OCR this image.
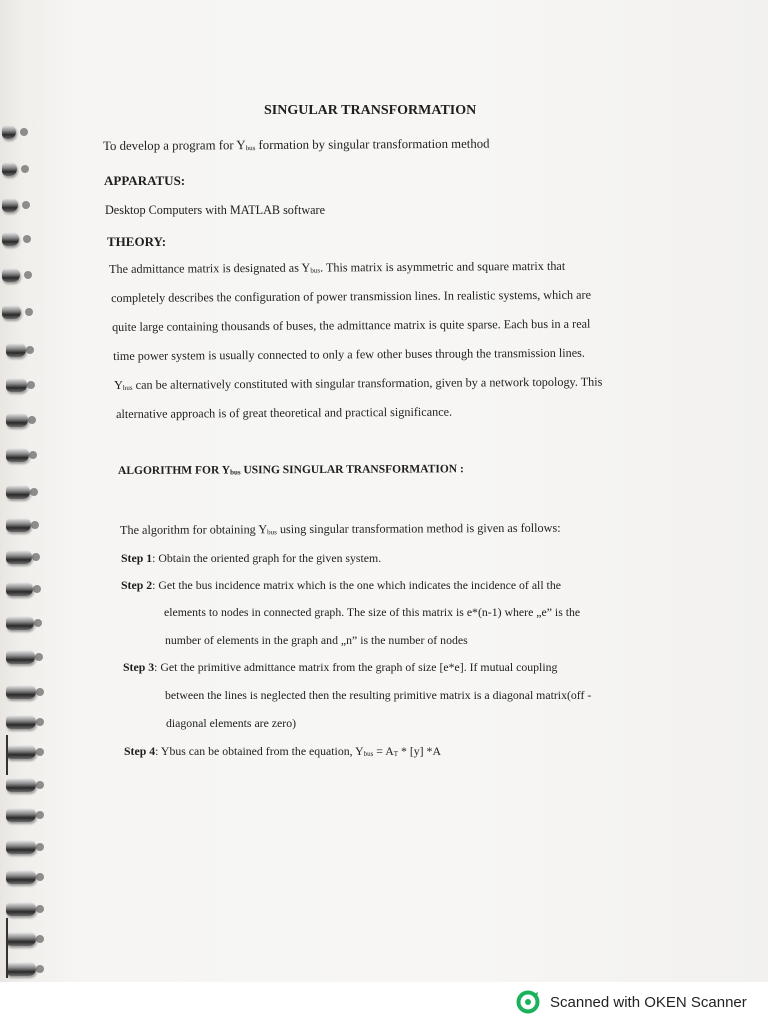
SINGULAR TRANSFORMATION
To develop a program for Ybus formation by singular transformation method
APPARATUS:
Desktop Computers with MATLAB software
THEORY:
The admittance matrix is designated as Ybus. This matrix is asymmetric and square matrix that
completely describes the configuration of power transmission lines. In realistic systems, which are
quite large containing thousands of buses, the admittance matrix is quite sparse. Each bus in a real
time power system is usually connected to only a few other buses through the transmission lines.
Ybus can be alternatively constituted with singular transformation, given by a network topology. This
alternative approach is of great theoretical and practical significance.
ALGORITHM FOR Ybus USING SINGULAR TRANSFORMATION :
The algorithm for obtaining Ybus using singular transformation method is given as follows:
Step 1: Obtain the oriented graph for the given system.
Step 2: Get the bus incidence matrix which is the one which indicates the incidence of all the
elements to nodes in connected graph. The size of this matrix is e*(n-1) where „e” is the
number of elements in the graph and „n” is the number of nodes
Step 3: Get the primitive admittance matrix from the graph of size [e*e]. If mutual coupling
between the lines is neglected then the resulting primitive matrix is a diagonal matrix(off -
diagonal elements are zero)
Step 4: Ybus can be obtained from the equation, Ybus = AT * [y] *A
Scanned with OKEN Scanner
